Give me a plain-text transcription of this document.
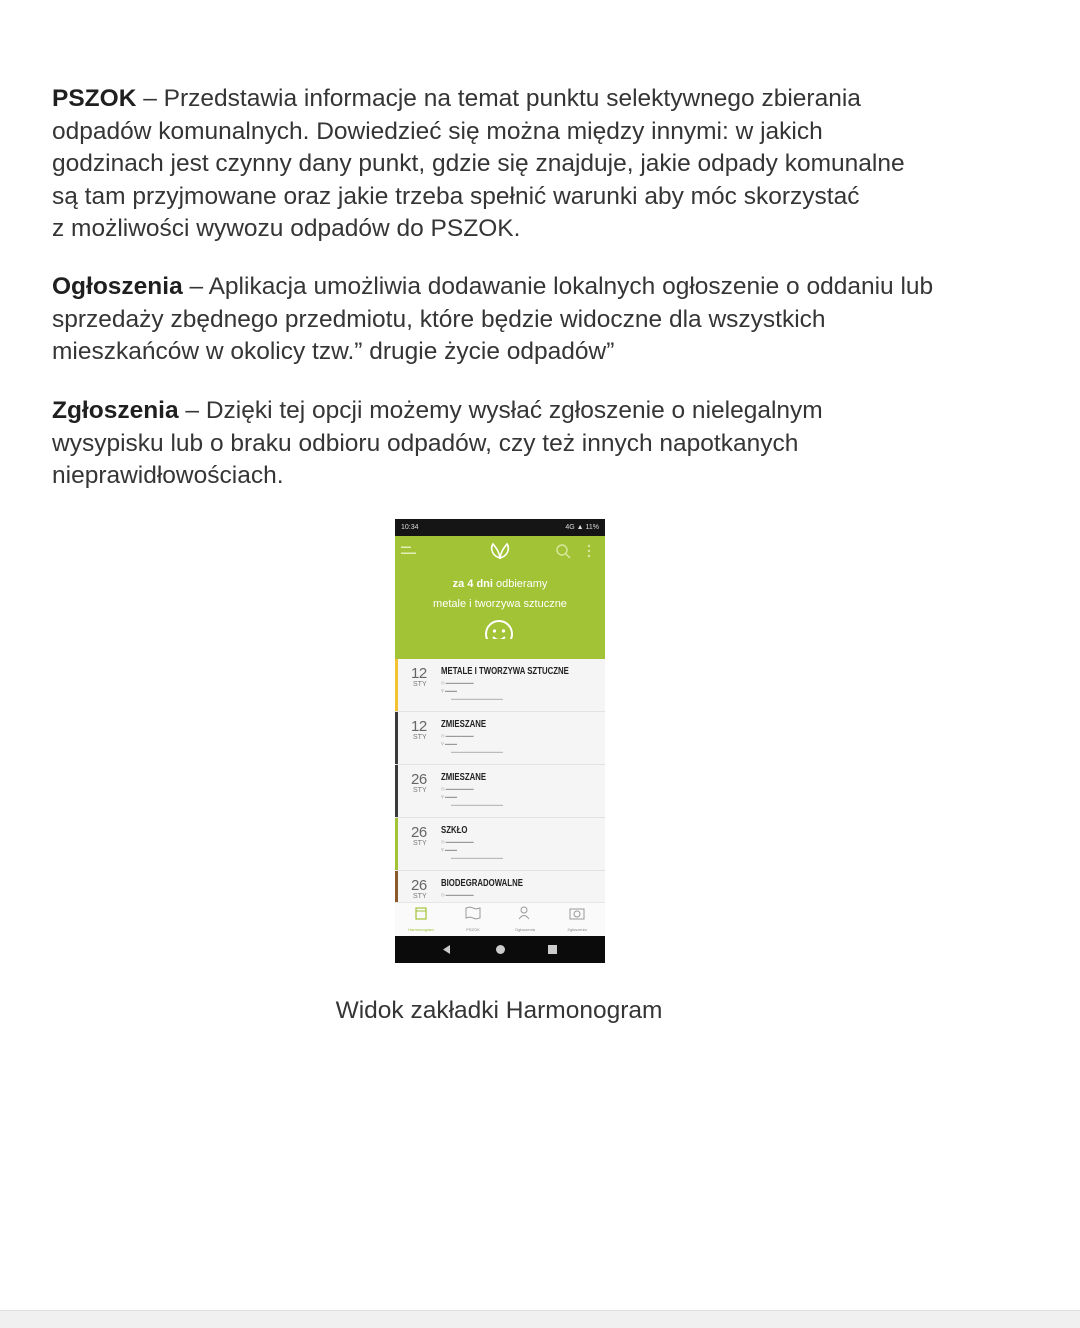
PSZOK – Przedstawia informacje na temat punktu selektywnego zbierania
odpadów komunalnych. Dowiedzieć się można między innymi: w jakich
godzinach jest czynny dany punkt, gdzie się znajduje, jakie odpady komunalne
są tam przyjmowane oraz jakie trzeba spełnić warunki aby móc skorzystać
z możliwości wywozu odpadów do PSZOK.
Ogłoszenia – Aplikacja umożliwia dodawanie lokalnych ogłoszenie o oddaniu lub
sprzedaży zbędnego przedmiotu, które będzie widoczne dla wszystkich
mieszkańców w okolicy tzw.” drugie życie odpadów”
Zgłoszenia – Dzięki tej opcji możemy wysłać zgłoszenie o nielegalnym
wysypisku lub o braku odbioru odpadów, czy też innych napotkanych
nieprawidłowościach.
10:34	4G ▲ 11%
▬▬
▬▬▬
za 4 dni odbieramy
metale i tworzywa sztuczne
12
STY
METALE I TWORZYWA SZTUCZNE
◷ ▬▬▬▬▬▬▬
⚲ ▬▬▬
▬▬▬▬▬▬▬▬▬▬▬▬▬
12
STY
ZMIESZANE
◷ ▬▬▬▬▬▬▬
⚲ ▬▬▬
▬▬▬▬▬▬▬▬▬▬▬▬▬
26
STY
ZMIESZANE
◷ ▬▬▬▬▬▬▬
⚲ ▬▬▬
▬▬▬▬▬▬▬▬▬▬▬▬▬
26
STY
SZKŁO
◷ ▬▬▬▬▬▬▬
⚲ ▬▬▬
▬▬▬▬▬▬▬▬▬▬▬▬▬
26
STY
BIODEGRADOWALNE
◷ ▬▬▬▬▬▬▬
Harmonogram	PSZOK	Ogłoszenia	Zgłoszenia
Widok zakładki Harmonogram
